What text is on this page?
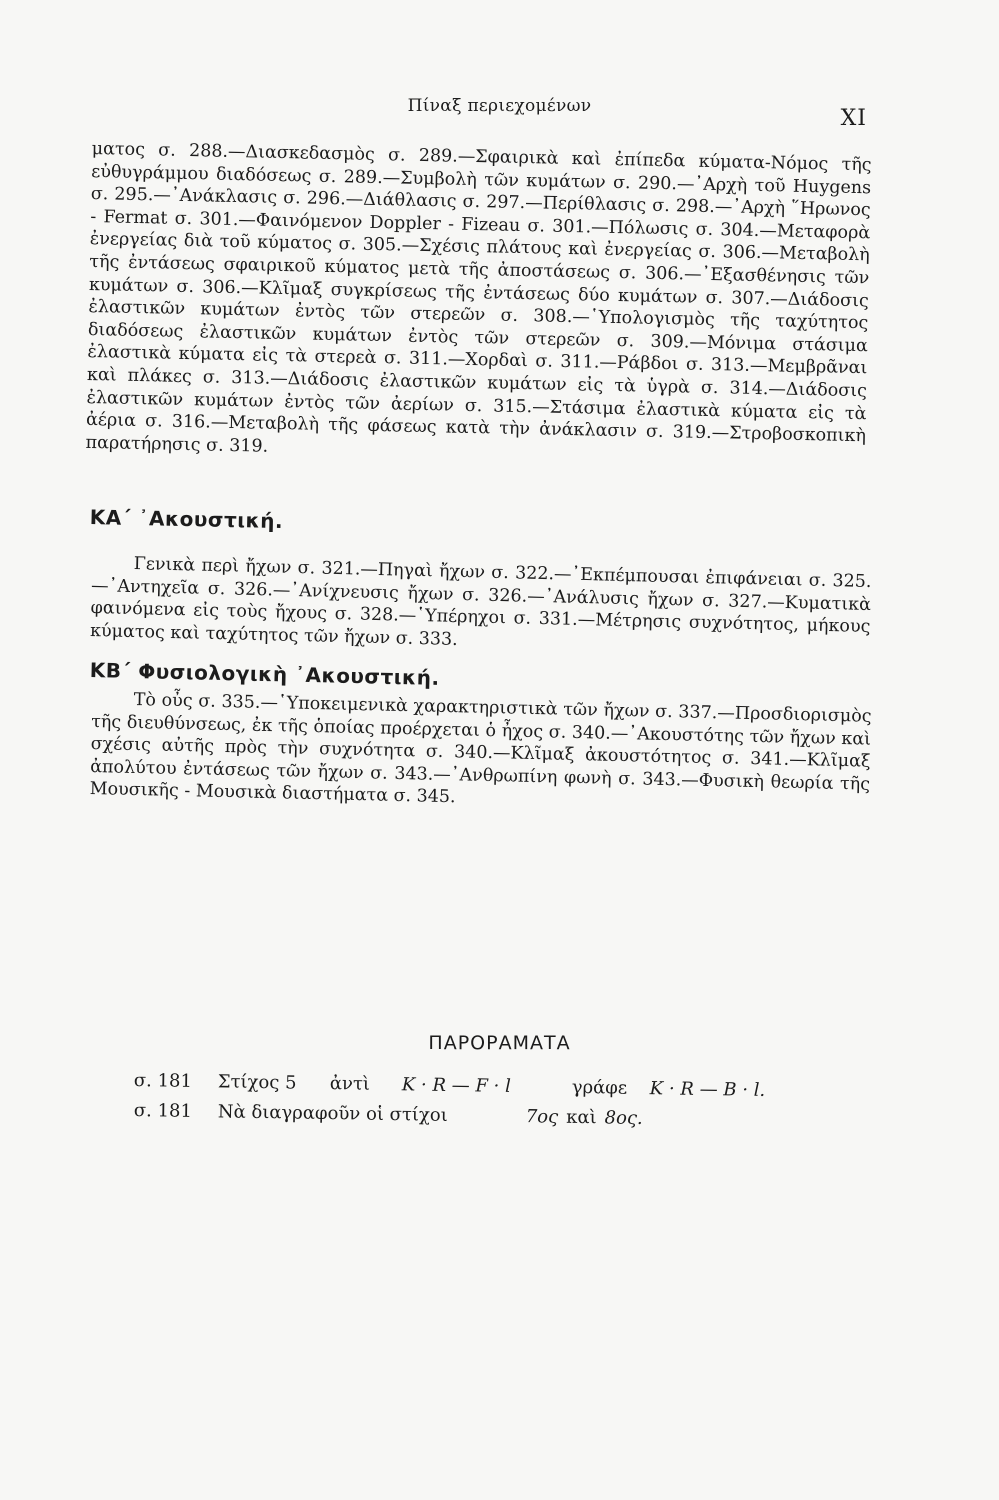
Πίναξ περιεχομένων	XI

ματος σ. 288.—Διασκεδασμὸς σ. 289.—Σφαιρικὰ καὶ ἐπίπεδα κύματα-Νόμος τῆς εὐθυγράμμου διαδόσεως σ. 289.—Συμβολὴ τῶν κυμάτων σ. 290.—᾿Αρχὴ τοῦ Huygens σ. 295.—᾿Ανάκλασις σ. 296.—Διάθλασις σ. 297.—Περίθλασις σ. 298.—᾿Αρχὴ ῞Ηρωνος - Fermat σ. 301.—Φαινόμενον Doppler - Fizeau σ. 301.—Πόλωσις σ. 304.—Μεταφορὰ ἐνεργείας διὰ τοῦ κύματος σ. 305.—Σχέσις πλάτους καὶ ἐνεργείας σ. 306.—Μεταβολὴ τῆς ἐντάσεως σφαιρικοῦ κύματος μετὰ τῆς ἀποστάσεως σ. 306.—᾿Εξασθένησις τῶν κυμάτων σ. 306.—Κλῖμαξ συγκρίσεως τῆς ἐντάσεως δύο κυμάτων σ. 307.—Διάδοσις ἐλαστικῶν κυμάτων ἐντὸς τῶν στερεῶν σ. 308.—῾Υπολογισμὸς τῆς ταχύτητος διαδόσεως ἐλαστικῶν κυμάτων ἐντὸς τῶν στερεῶν σ. 309.—Μόνιμα στάσιμα ἐλαστικὰ κύματα εἰς τὰ στερεὰ σ. 311.—Χορδαὶ σ. 311.—Ράβδοι σ. 313.—Μεμβρᾶναι καὶ πλάκες σ. 313.—Διάδοσις ἐλαστικῶν κυμάτων εἰς τὰ ὑγρὰ σ. 314.—Διάδοσις ἐλαστικῶν κυμάτων ἐντὸς τῶν ἀερίων σ. 315.—Στάσιμα ἐλαστικὰ κύματα εἰς τὰ ἀέρια σ. 316.—Μεταβολὴ τῆς φάσεως κατὰ τὴν ἀνάκλασιν σ. 319.—Στροβοσκοπικὴ παρατήρησις σ. 319.

ΚΑ΄ ᾿Ακουστική.

Γενικὰ περὶ ἤχων σ. 321.—Πηγαὶ ἤχων σ. 322.—᾿Εκπέμπουσαι ἐπιφάνειαι σ. 325.—᾿Αντηχεῖα σ. 326.—᾿Ανίχνευσις ἤχων σ. 326.—᾿Ανάλυσις ἤχων σ. 327.—Κυματικὰ φαινόμενα εἰς τοὺς ἤχους σ. 328.—῾Υπέρηχοι σ. 331.—Μέτρησις συχνότητος, μήκους κύματος καὶ ταχύτητος τῶν ἤχων σ. 333.

ΚΒ΄ Φυσιολογικὴ ᾿Ακουστική.

Τὸ οὖς σ. 335.—῾Υποκειμενικὰ χαρακτηριστικὰ τῶν ἤχων σ. 337.—Προσδιορισμὸς τῆς διευθύνσεως, ἐκ τῆς ὁποίας προέρχεται ὁ ἦχος σ. 340.—᾿Ακουστότης τῶν ἤχων καὶ σχέσις αὐτῆς πρὸς τὴν συχνότητα σ. 340.—Κλῖμαξ ἀκουστότητος σ. 341.—Κλῖμαξ ἀπολύτου ἐντάσεως τῶν ἤχων σ. 343.—᾿Ανθρωπίνη φωνὴ σ. 343.—Φυσικὴ θεωρία τῆς Μουσικῆς - Μουσικὰ διαστήματα σ. 345.

ΠΑΡΟΡΑΜΑΤΑ
σ. 181 Στίχος 5 ἀντὶ K · R — F · l	γράφε K · R — B · l.
σ. 181 Νὰ διαγραφοῦν οἱ στίχοι	7ος καὶ 8ος.
